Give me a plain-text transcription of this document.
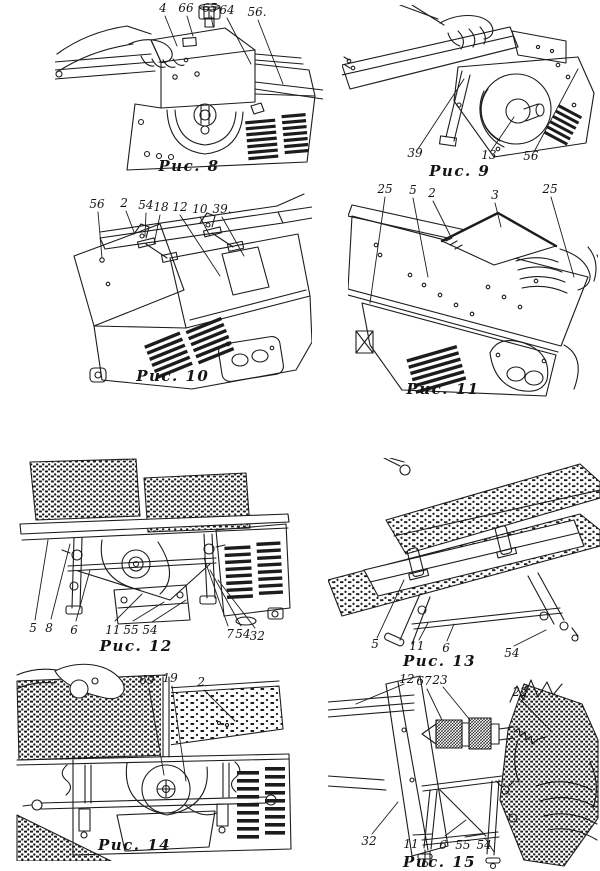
4 66 65 64 56.
Рис. 8
39	13 56
Рис. 9
56 2 54 18 12 10 39.
Рис. 10
25 5 2	3	25
Рис. 11
5 8 6 11 55 54	7 54 32
Рис. 12	5	11 6	54
Рис. 13
69 19 2
Рис. 14
12 67 23
22
32 11 6 55 54
Рис. 15
